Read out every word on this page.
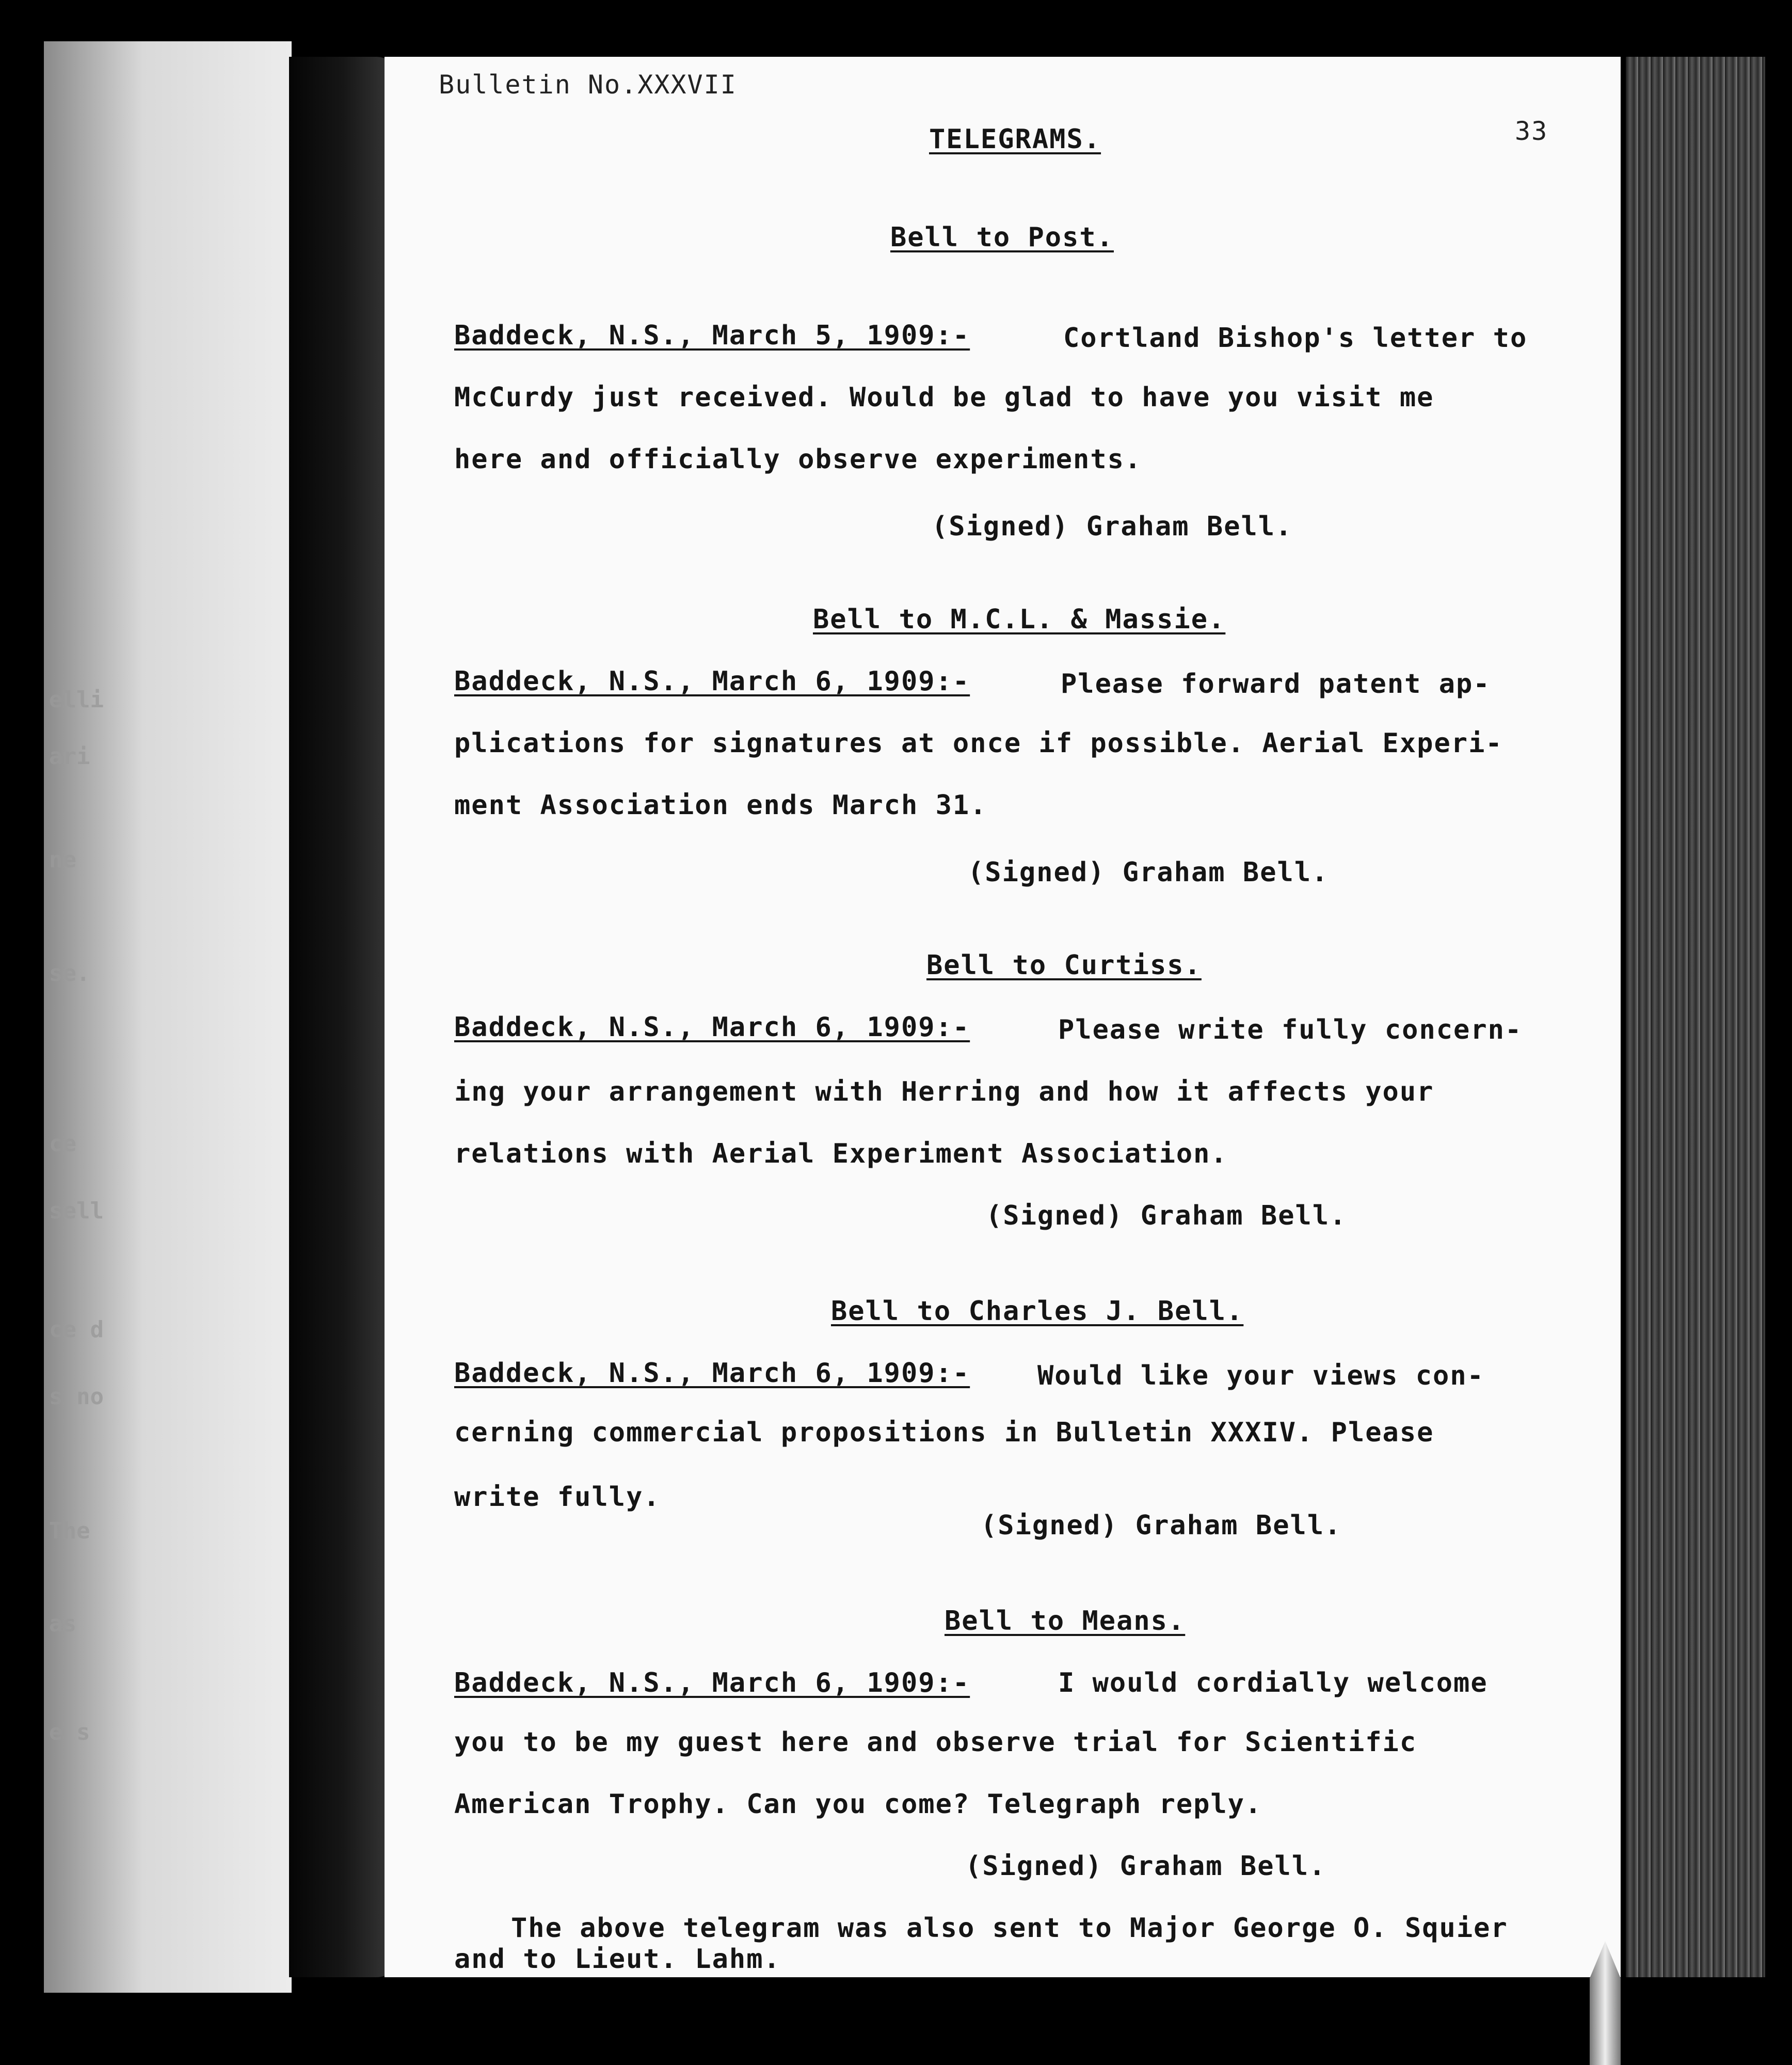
elli
ari
ne
se.
ce
sell
ce d
s no
The
as
e s
Bulletin No.XXXVII
TELEGRAMS.	33
Bell to Post.
Baddeck, N.S., March 5, 1909:-	Cortland Bishop's letter to
McCurdy just received. Would be glad to have you visit me
here and officially observe experiments.
(Signed) Graham Bell.
Bell to M.C.L. & Massie.
Baddeck, N.S., March 6, 1909:-	Please forward patent ap-
plications for signatures at once if possible. Aerial Experi-
ment Association ends March 31.
(Signed) Graham Bell.
Bell to Curtiss.
Baddeck, N.S., March 6, 1909:-	Please write fully concern-
ing your arrangement with Herring and how it affects your
relations with Aerial Experiment Association.
(Signed) Graham Bell.
Bell to Charles J. Bell.
Baddeck, N.S., March 6, 1909:-	Would like your views con-
cerning commercial propositions in Bulletin XXXIV. Please
write fully.
(Signed) Graham Bell.
Bell to Means.
Baddeck, N.S., March 6, 1909:-	I would cordially welcome
you to be my guest here and observe trial for Scientific
American Trophy. Can you come? Telegraph reply.
(Signed) Graham Bell.
The above telegram was also sent to Major George O. Squier
and to Lieut. Lahm.
